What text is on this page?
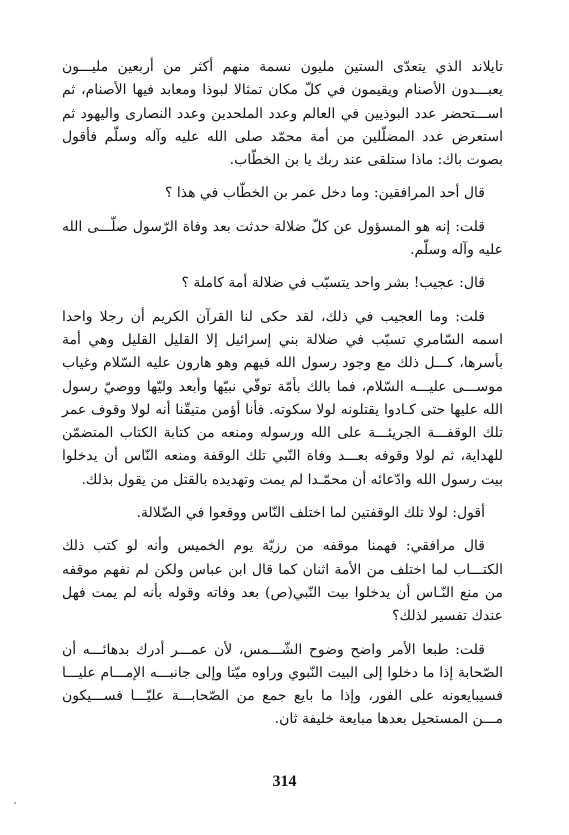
تايلاند الذي يتعدّى الستين مليون نسمة منهم أكثر من أربعين مليـــون يعبـــدون الأصنام ويقيمون في كلّ مكان تمثالا لبوذا ومعابد فيها الأصنام، ثم اســـتحضر عدد البوذيين في العالم وعدد الملحدين وعدد النصارى واليهود ثم استعرض عدد المضلّلين من أمة محمّد صلى الله عليه وآله وسلّم فأقول بصوت باك: ماذا ستلقى عند ربك يا بن الخطّاب.

قال أحد المرافقين: وما دخل عمر بن الخطّاب في هذا ؟

قلت: إنه هو المسؤول عن كلّ ضلالة حدثت بعد وفاة الرّسول صلّـــى الله عليه وآله وسلّم.

قال: عجيب! بشر واحد يتسبّب في ضلالة أمة كاملة ؟

قلت: وما العجيب في ذلك، لقد حكى لنا القرآن الكريم أن رجلا واحدا اسمه السّامري تسبّب في ضلالة بني إسرائيل إلا القليل القليل وهي أمة بأسرها، كـــل ذلك مع وجود رسول الله فيهم وهو هارون عليه السّلام وغياب موســـى عليـــه السّلام، فما بالك بأمّة توفّي نبيّها وأبعد وليّها ووصيّ رسول الله عليها حتى كـادوا يقتلونه لولا سكوته. فأنا أؤمن متيقّنا أنه لولا وقوف عمر تلك الوقفـــة الجريئـــة على الله ورسوله ومنعه من كتابة الكتاب المتضمّن للهداية، ثم لولا وقوفه بعـــد وفاة النّبي تلك الوقفة ومنعه النّاس أن يدخلوا بيت رسول الله وادّعائه أن محمّـدا لم يمت وتهديده بالقتل من يقول بذلك.

أقول: لولا تلك الوقفتين لما اختلف النّاس ووقعوا في الضّلالة.

قال مرافقي: فهمنا موقفه من رزيّة يوم الخميس وأنه لو كتب ذلك الكتـــاب لما اختلف من الأمة اثنان كما قال ابن عباس ولكن لم نفهم موقفه من منع النّـاس أن يدخلوا بيت النّبي(ص) بعد وفاته وقوله بأنه لم يمت فهل عندك تفسير لذلك؟

قلت: طبعا الأمر واضح وضوح الشّـــمس، لأن عمـــر أدرك بدهائـــه أن الصّحابة إذا ما دخلوا إلى البيت النّبوي وراوه ميّتا وإلى جانبـــه الإمـــام عليـــا فسيبايعونه على الفور، وإذا ما بايع جمع من الصّحابـــة عليّـــا فســـيكون مـــن المستحيل بعدها مبايعة خليفة ثان.

314
